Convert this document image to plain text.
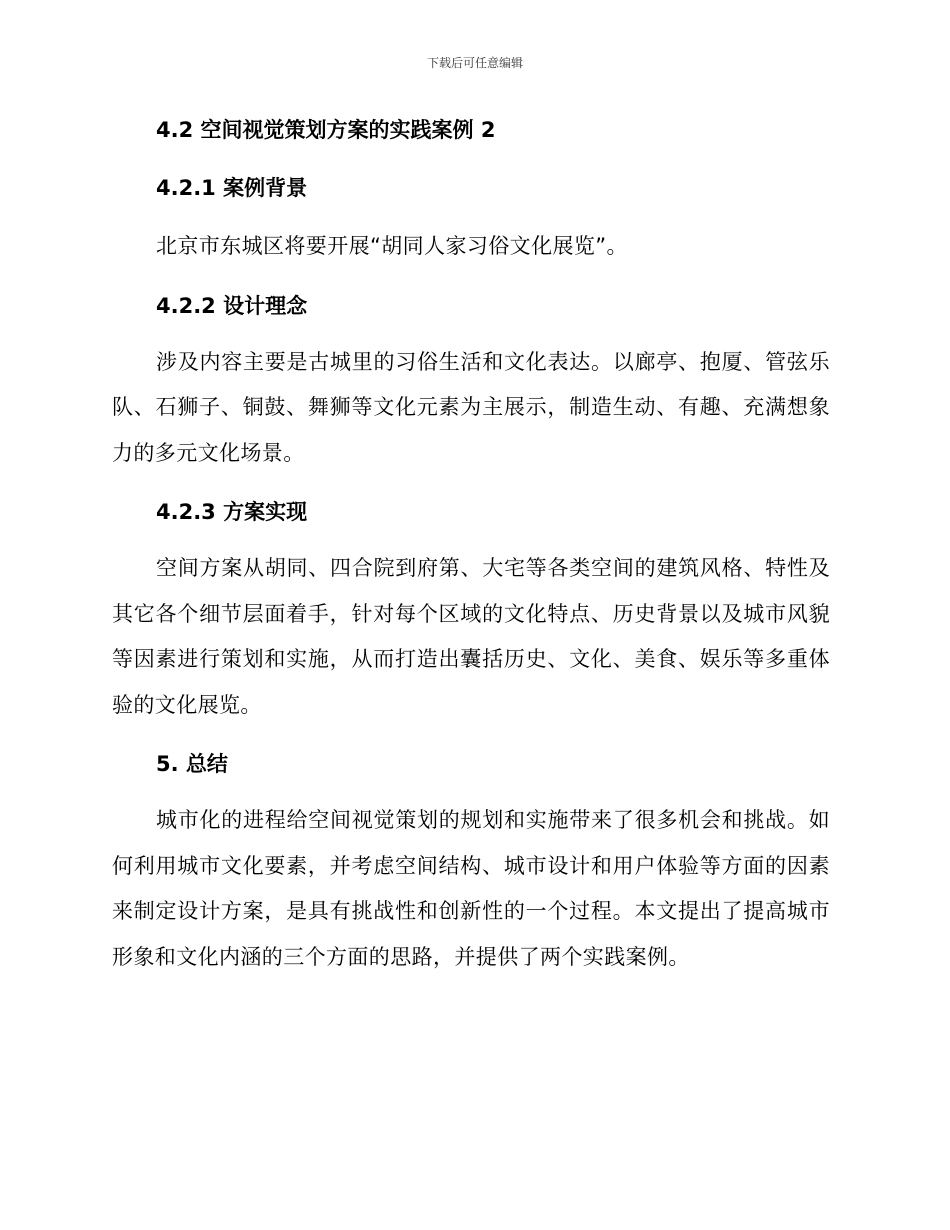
下载后可任意编辑
4.2 空间视觉策划方案的实践案例 2
4.2.1 案例背景

北京市东城区将要开展“胡同人家习俗文化展览”。

4.2.2 设计理念

涉及内容主要是古城里的习俗生活和文化表达。以廊亭、抱厦、管弦乐队、石狮子、铜鼓、舞狮等文化元素为主展示，制造生动、有趣、充满想象力的多元文化场景。

4.2.3 方案实现

空间方案从胡同、四合院到府第、大宅等各类空间的建筑风格、特性及其它各个细节层面着手，针对每个区域的文化特点、历史背景以及城市风貌等因素进行策划和实施，从而打造出囊括历史、文化、美食、娱乐等多重体验的文化展览。

5. 总结

城市化的进程给空间视觉策划的规划和实施带来了很多机会和挑战。如何利用城市文化要素，并考虑空间结构、城市设计和用户体验等方面的因素来制定设计方案，是具有挑战性和创新性的一个过程。本文提出了提高城市形象和文化内涵的三个方面的思路，并提供了两个实践案例。
